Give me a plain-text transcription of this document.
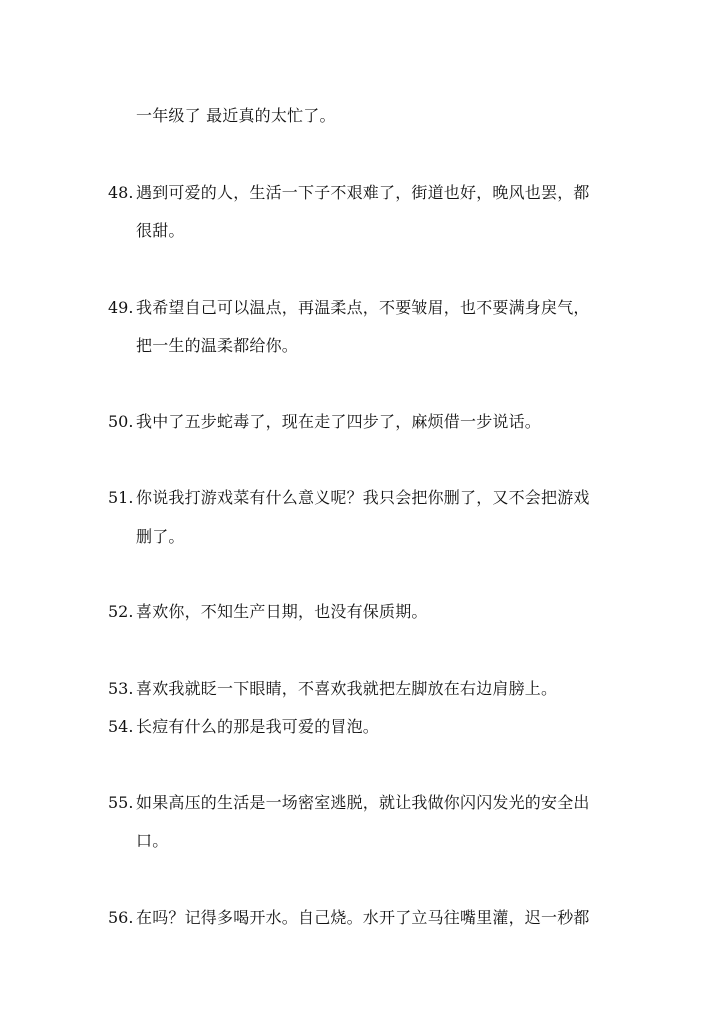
一年级了 最近真的太忙了。
48. 遇到可爱的人，生活一下子不艰难了，街道也好，晚风也罢，都
很甜。
49. 我希望自己可以温点，再温柔点，不要皱眉，也不要满身戾气，
把一生的温柔都给你。
50. 我中了五步蛇毒了，现在走了四步了，麻烦借一步说话。
51. 你说我打游戏菜有什么意义呢？我只会把你删了，又不会把游戏
删了。
52. 喜欢你，不知生产日期，也没有保质期。
53. 喜欢我就眨一下眼睛，不喜欢我就把左脚放在右边肩膀上。
54. 长痘有什么的那是我可爱的冒泡。
55. 如果高压的生活是一场密室逃脱，就让我做你闪闪发光的安全出
口。
56. 在吗？记得多喝开水。自己烧。水开了立马往嘴里灌，迟一秒都
